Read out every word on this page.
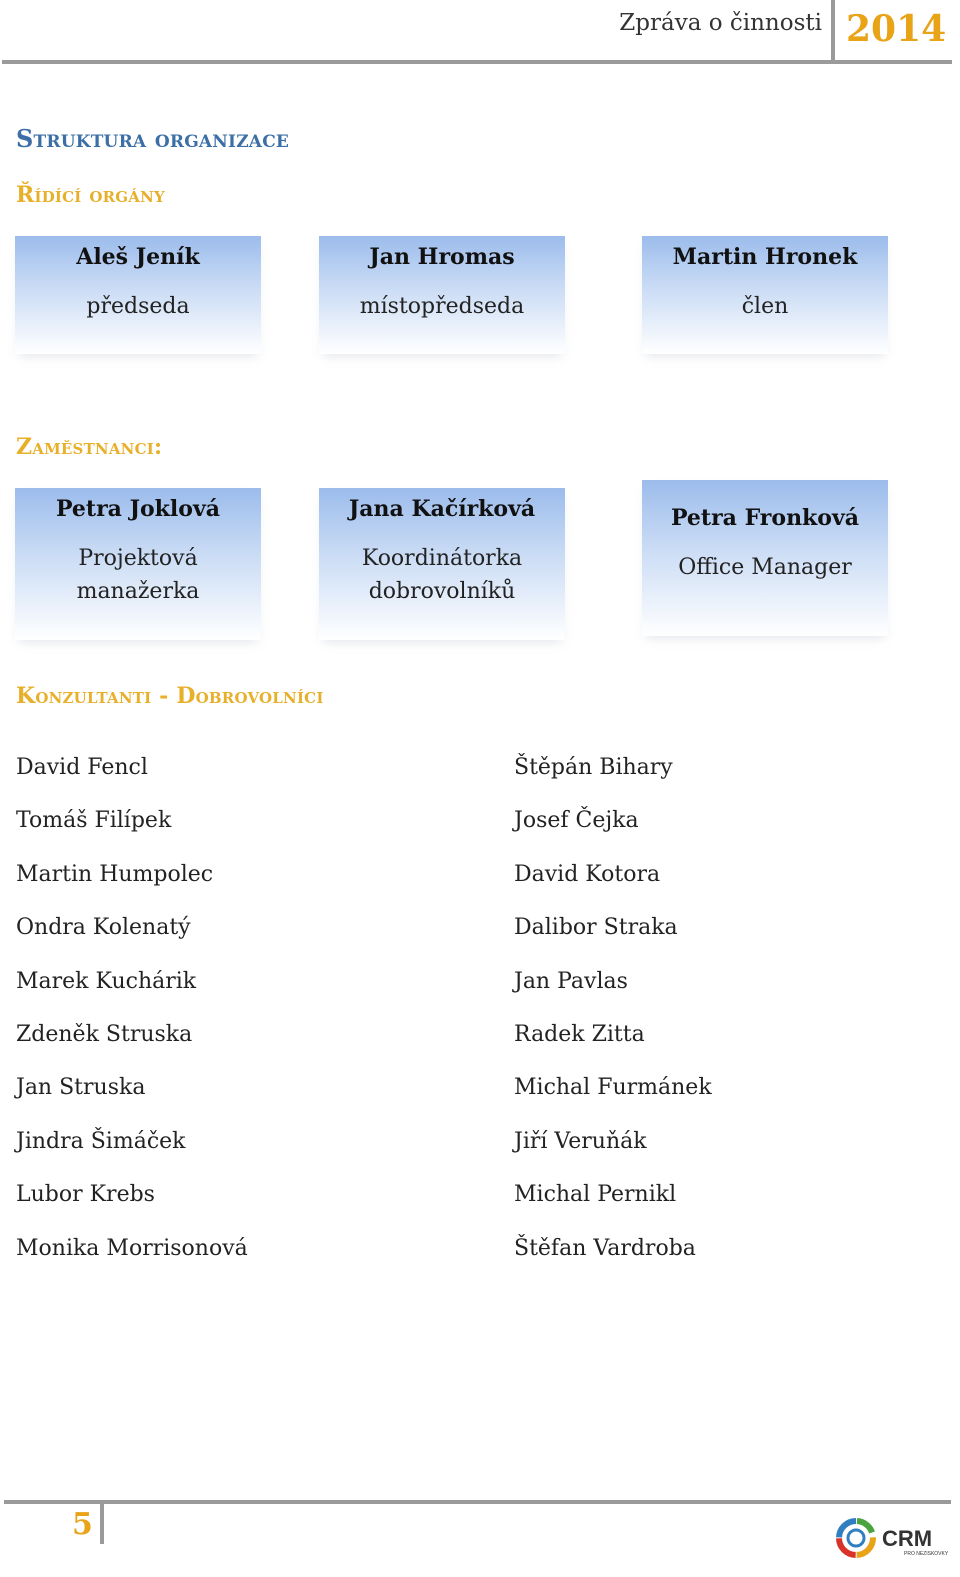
Zpráva o činnosti 2014
Struktura organizace
Řídící orgány
Aleš Jeník
předseda
Jan Hromas
místopředseda
Martin Hronek
člen
Zaměstnanci:
Petra Joklová
Projektová
manažerka
Jana Kačírková
Koordinátorka
dobrovolníků
Petra Fronková
Office Manager
Konzultanti - Dobrovolníci
David Fencl
Tomáš Filípek
Martin Humpolec
Ondra Kolenatý
Marek Kuchárik
Zdeněk Struska
Jan Struska
Jindra Šimáček
Lubor Krebs
Monika Morrisonová
Štěpán Bihary
Josef Čejka
David Kotora
Dalibor Straka
Jan Pavlas
Radek Zitta
Michal Furmánek
Jiří Veruňák
Michal Pernikl
Štěfan Vardroba
5	CRM
PRO NEZISKOVKY
